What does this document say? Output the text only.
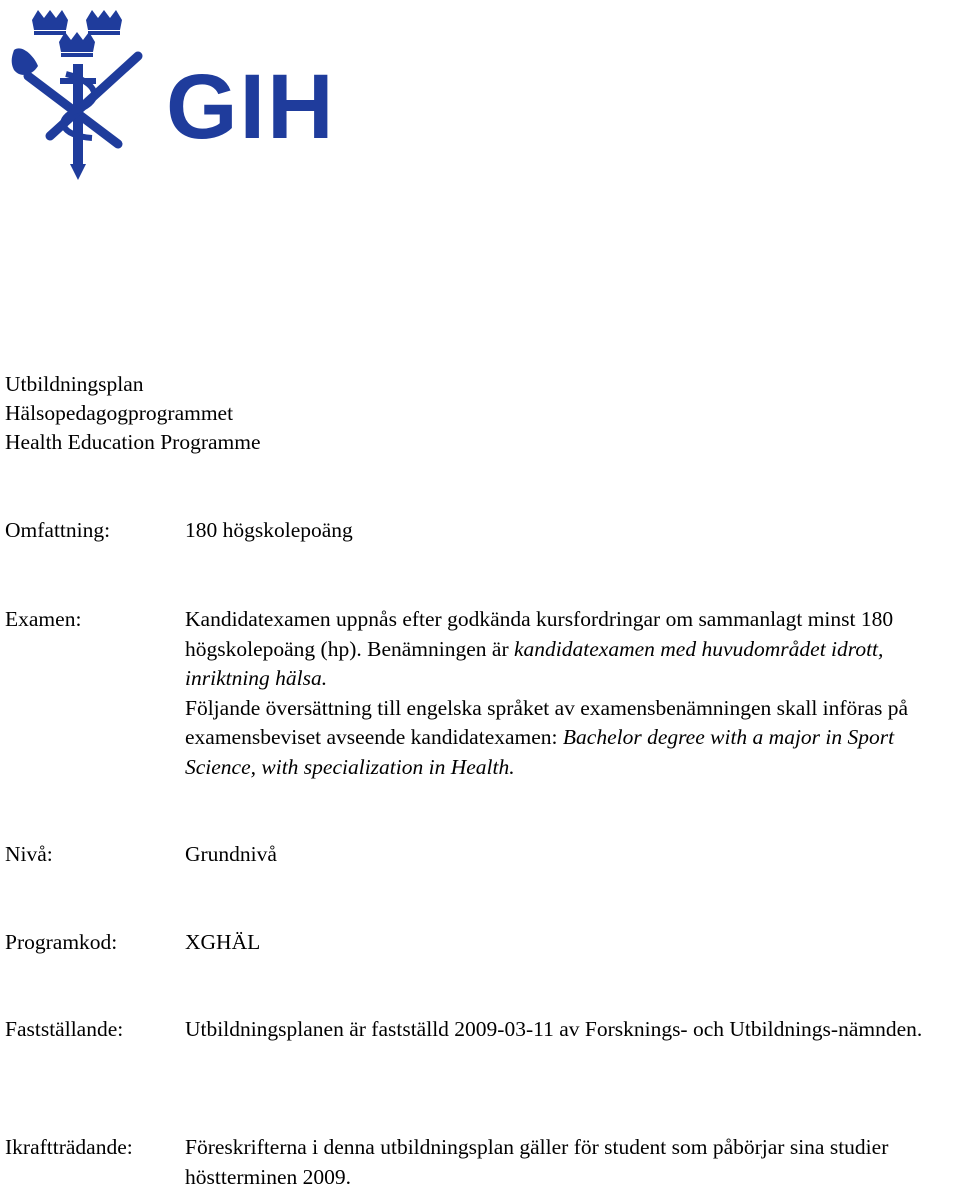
GIH
Utbildningsplan
Hälsopedagogprogrammet
Health Education Programme
Omfattning:	180 högskolepoäng
Examen:	Kandidatexamen uppnås efter godkända kursfordringar om sammanlagt minst 180 högskolepoäng (hp). Benämningen är kandidatexamen med huvudområdet idrott, inriktning hälsa.
Följande översättning till engelska språket av examensbenämningen skall införas på examensbeviset avseende kandidatexamen: Bachelor degree with a major in Sport Science, with specialization in Health.
Nivå:	Grundnivå
Programkod:	XGHÄL
Fastställande:	Utbildningsplanen är fastställd 2009-03-11 av Forsknings- och Utbildnings-nämnden.
Ikraftträdande: Föreskrifterna i denna utbildningsplan gäller för student som påbörjar sina studier höstterminen 2009.
